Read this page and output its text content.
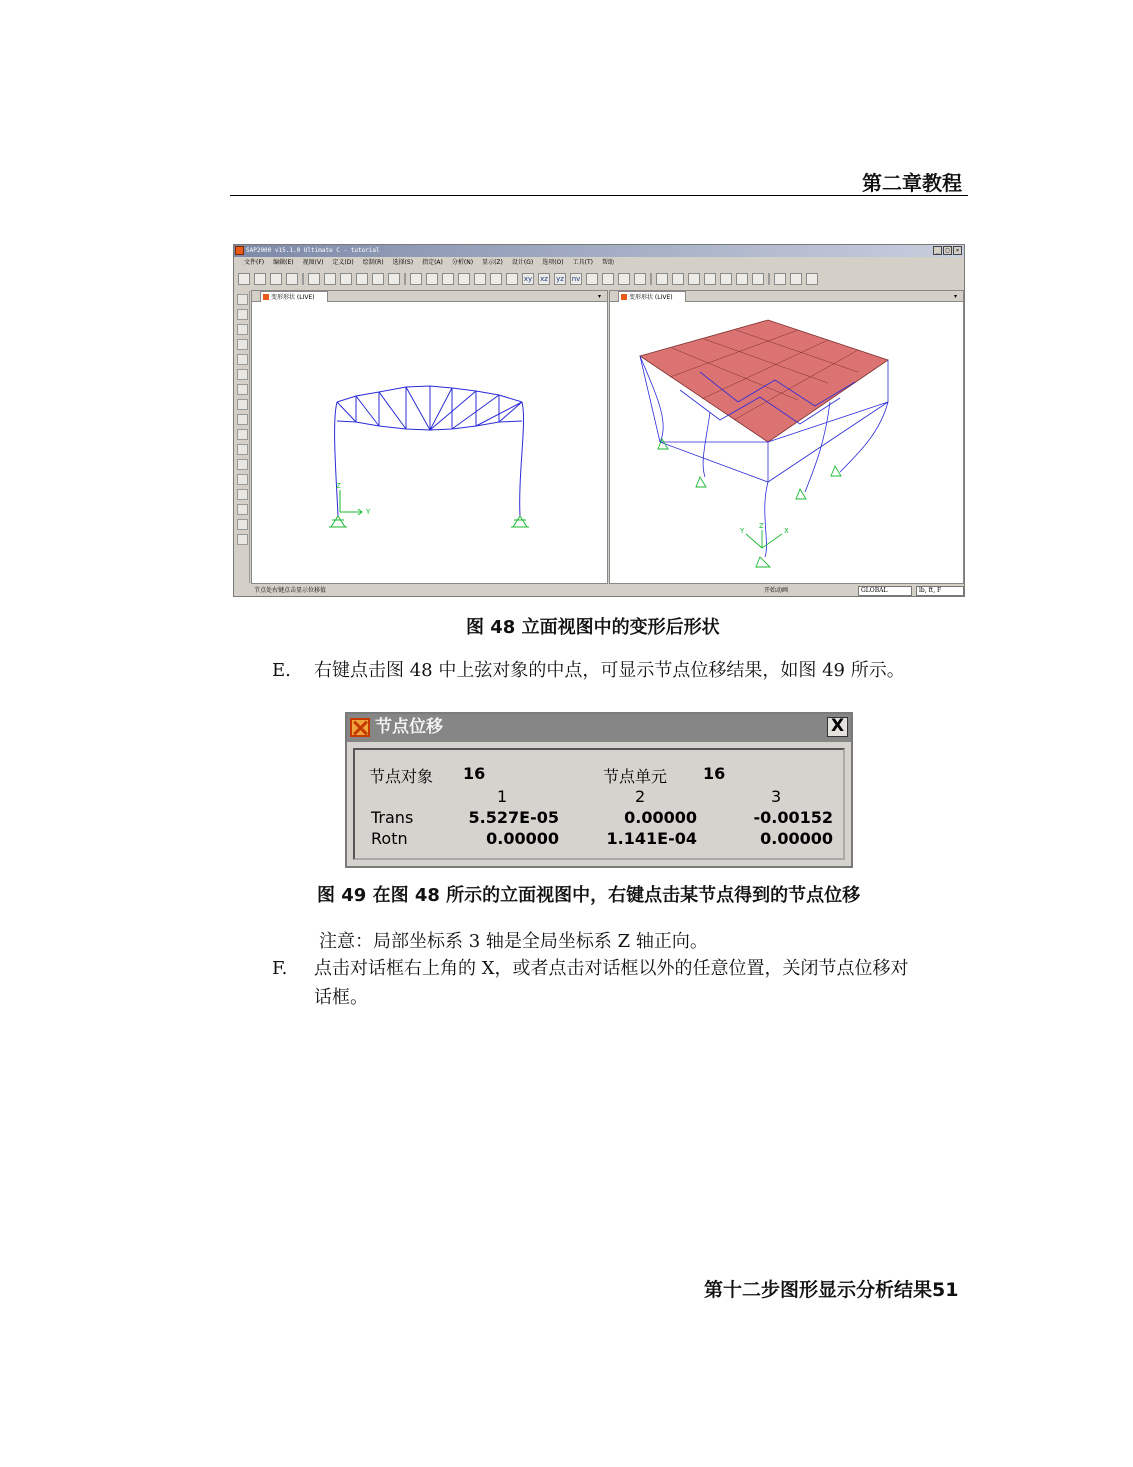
第二章教程
SAP2000 v15.1.0 Ultimate C - tutorial	_	□	×
文件(F) 编辑(E) 视图(V) 定义(D) 绘制(R) 选择(S) 指定(A) 分析(N) 显示(Z) 设计(G) 选项(O) 工具(T) 帮助
xy xz yz nv
变形形状 (LIVE)	▾
Y
Z
变形形状 (LIVE)	▾
Y	X
Z
节点处右键点击显示位移值	开始动画	GLOBAL	lb, ft, F
图 48 立面视图中的变形后形状
E. 右键点击图 48 中上弦对象的中点，可显示节点位移结果，如图 49 所示。
节点位移	X
节点对象 16	节点单元 16
1	2	3
Trans	5.527E-05	0.00000	-0.00152
Rotn	0.00000	1.141E-04	0.00000
图 49 在图 48 所示的立面视图中，右键点击某节点得到的节点位移
注意：局部坐标系 3 轴是全局坐标系 Z 轴正向。
F. 点击对话框右上角的 X，或者点击对话框以外的任意位置，关闭节点位移对
话框。
第十二步图形显示分析结果51
